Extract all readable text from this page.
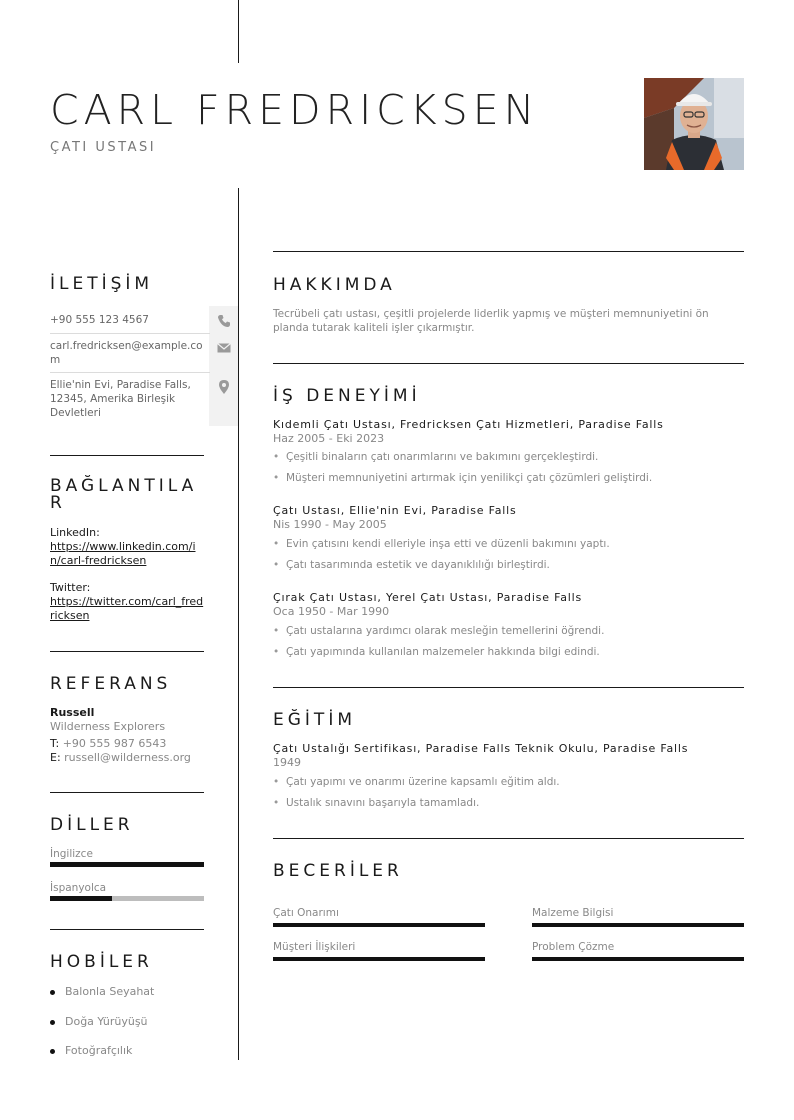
CARL FREDRICKSEN
ÇATI USTASI
İLETİŞİM
+90 555 123 4567
carl.fredricksen@example.com
Ellie'nin Evi, Paradise Falls, 12345, Amerika Birleşik Devletleri
BAĞLANTILAR
LinkedIn:
https://www.linkedin.com/in/carl-fredricksen
Twitter:
https://twitter.com/carl_fredricksen
REFERANS
Russell
Wilderness Explorers
T: +90 555 987 6543
E: russell@wilderness.org
DİLLER
İngilizce
İspanyolca
HOBİLER
Balonla Seyahat
Doğa Yürüyüşü
Fotoğrafçılık
HAKKIMDA
Tecrübeli çatı ustası, çeşitli projelerde liderlik yapmış ve müşteri memnuniyetini ön planda tutarak kaliteli işler çıkarmıştır.
İŞ DENEYİMİ
Kıdemli Çatı Ustası, Fredricksen Çatı Hizmetleri, Paradise Falls
Haz 2005 - Eki 2023
• Çeşitli binaların çatı onarımlarını ve bakımını gerçekleştirdi.
• Müşteri memnuniyetini artırmak için yenilikçi çatı çözümleri geliştirdi.
Çatı Ustası, Ellie'nin Evi, Paradise Falls
Nis 1990 - May 2005
• Evin çatısını kendi elleriyle inşa etti ve düzenli bakımını yaptı.
• Çatı tasarımında estetik ve dayanıklılığı birleştirdi.
Çırak Çatı Ustası, Yerel Çatı Ustası, Paradise Falls
Oca 1950 - Mar 1990
• Çatı ustalarına yardımcı olarak mesleğin temellerini öğrendi.
• Çatı yapımında kullanılan malzemeler hakkında bilgi edindi.
EĞİTİM
Çatı Ustalığı Sertifikası, Paradise Falls Teknik Okulu, Paradise Falls
1949
• Çatı yapımı ve onarımı üzerine kapsamlı eğitim aldı.
• Ustalık sınavını başarıyla tamamladı.
BECERİLER
Çatı Onarımı	Malzeme Bilgisi
Müşteri İlişkileri	Problem Çözme
